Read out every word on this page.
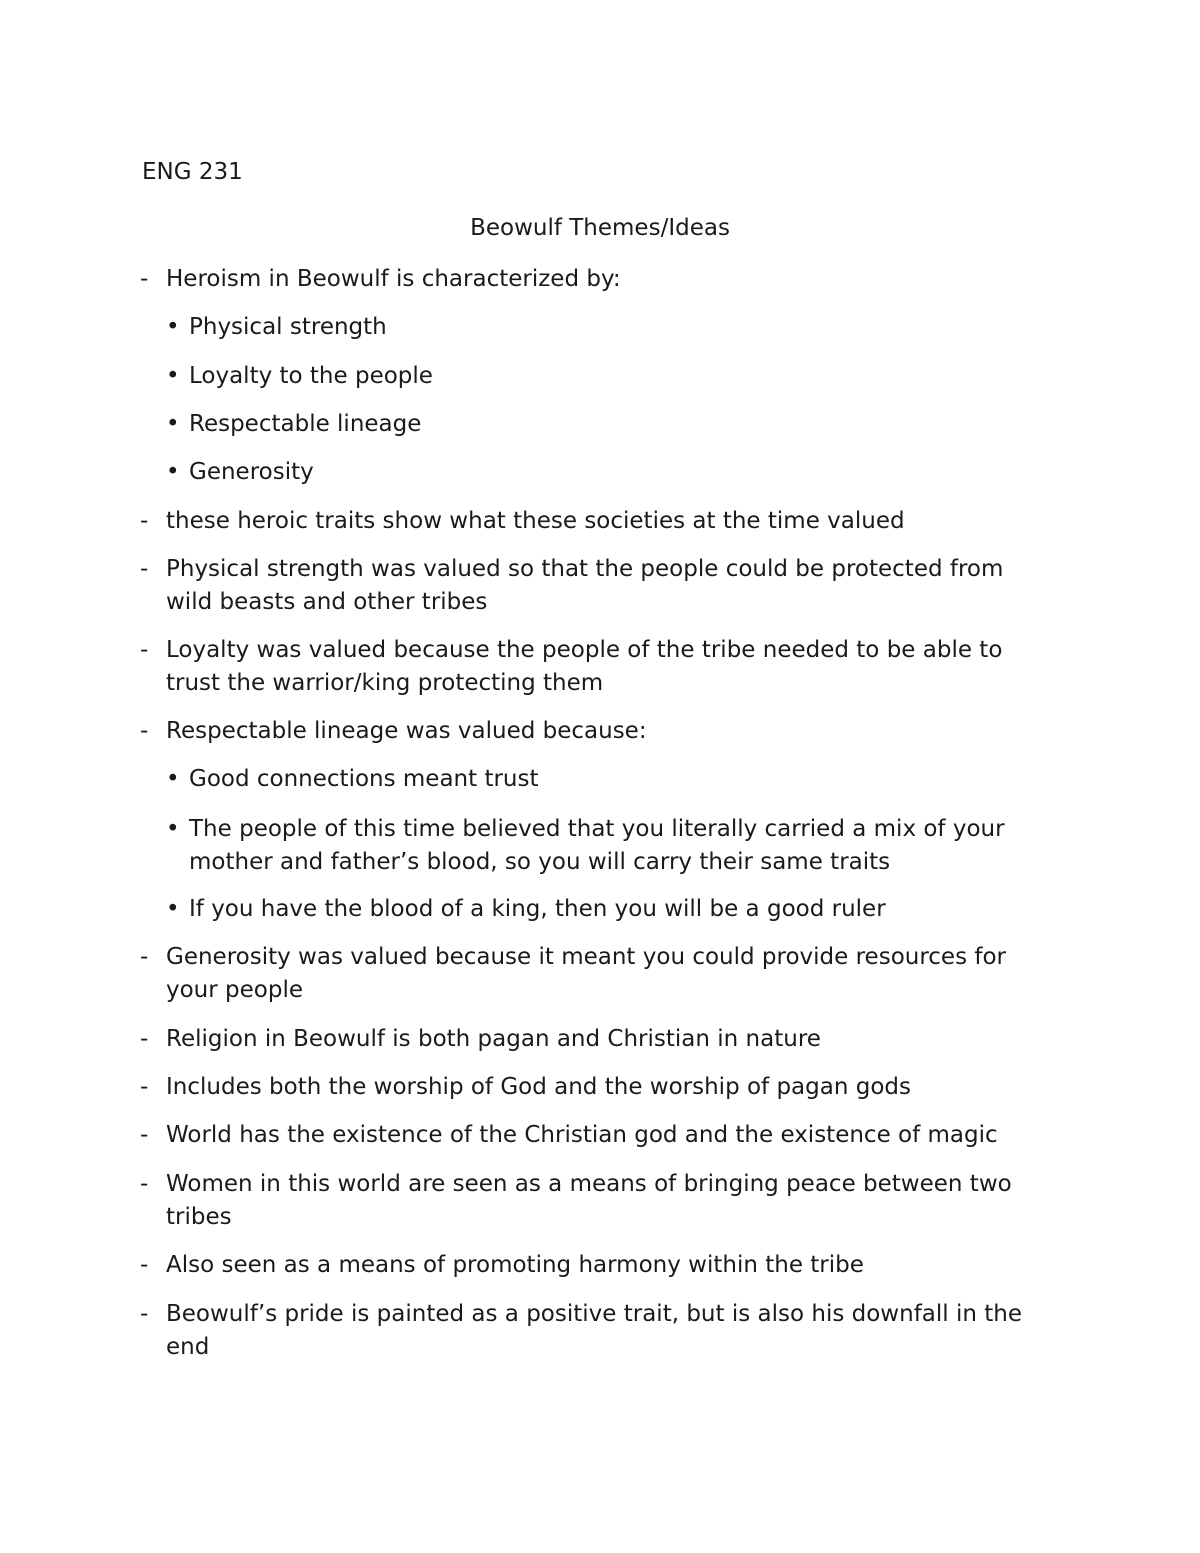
ENG 231

Beowulf Themes/Ideas
- Heroism in Beowulf is characterized by:
• Physical strength
• Loyalty to the people
• Respectable lineage
• Generosity
- these heroic traits show what these societies at the time valued
- Physical strength was valued so that the people could be protected from wild beasts and other tribes
- Loyalty was valued because the people of the tribe needed to be able to trust the warrior/king protecting them
- Respectable lineage was valued because:
• Good connections meant trust
• The people of this time believed that you literally carried a mix of your mother and father’s blood, so you will carry their same traits
• If you have the blood of a king, then you will be a good ruler
- Generosity was valued because it meant you could provide resources for your people
- Religion in Beowulf is both pagan and Christian in nature
- Includes both the worship of God and the worship of pagan gods
- World has the existence of the Christian god and the existence of magic
- Women in this world are seen as a means of bringing peace between two tribes
- Also seen as a means of promoting harmony within the tribe
- Beowulf’s pride is painted as a positive trait, but is also his downfall in the end
